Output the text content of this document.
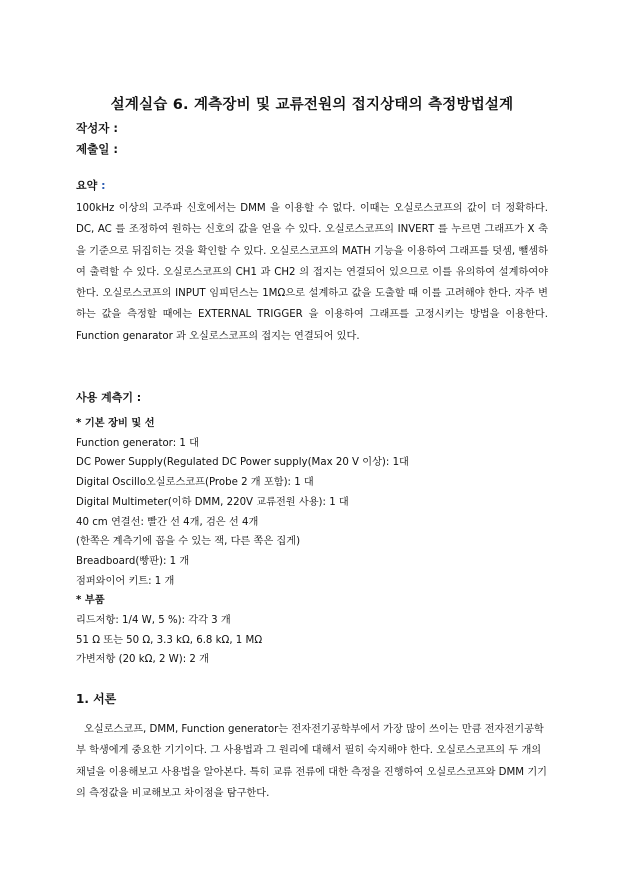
설계실습 6. 계측장비 및 교류전원의 접지상태의 측정방법설계
작성자 :
제출일 :
요약 :

100kHz 이상의 고주파 신호에서는 DMM 을 이용할 수 없다. 이때는 오실로스코프의 값이 더 정확하다. DC, AC 를 조정하여 원하는 신호의 값을 얻을 수 있다. 오실로스코프의 INVERT 를 누르면 그래프가 X 축을 기준으로 뒤집히는 것을 확인할 수 있다. 오실로스코프의 MATH 기능을 이용하여 그래프를 덧셈, 뺄셈하여 출력할 수 있다. 오실로스코프의 CH1 과 CH2 의 접지는 연결되어 있으므로 이를 유의하여 설계하여야 한다. 오실로스코프의 INPUT 임피던스는 1MΩ으로 설계하고 값을 도출할 때 이를 고려해야 한다. 자주 변하는 값을 측정할 때에는 EXTERNAL TRIGGER 을 이용하여 그래프를 고정시키는 방법을 이용한다. Function genarator 과 오실로스코프의 접지는 연결되어 있다.

사용 계측기 :
* 기본 장비 및 선
Function generator: 1 대
DC Power Supply(Regulated DC Power supply(Max 20 V 이상): 1대
Digital Oscillo오실로스코프(Probe 2 개 포함): 1 대
Digital Multimeter(이하 DMM, 220V 교류전원 사용): 1 대
40 cm 연결선: 빨간 선 4개, 검은 선 4개
(한쪽은 계측기에 꼽을 수 있는 잭, 다른 쪽은 집게)
Breadboard(빵판): 1 개
점퍼와이어 키트: 1 개
* 부품
리드저항: 1/4 W, 5 %): 각각 3 개
51 Ω 또는 50 Ω, 3.3 kΩ, 6.8 kΩ, 1 MΩ
가변저항 (20 kΩ, 2 W): 2 개
1. 서론

오실로스코프, DMM, Function generator는 전자전기공학부에서 가장 많이 쓰이는 만큼 전자전기공학부 학생에게 중요한 기기이다. 그 사용법과 그 원리에 대해서 필히 숙지해야 한다. 오실로스코프의 두 개의 채널을 이용해보고 사용법을 알아본다. 특히 교류 전류에 대한 측정을 진행하여 오실로스코프와 DMM 기기의 측정값을 비교해보고 차이점을 탐구한다.
